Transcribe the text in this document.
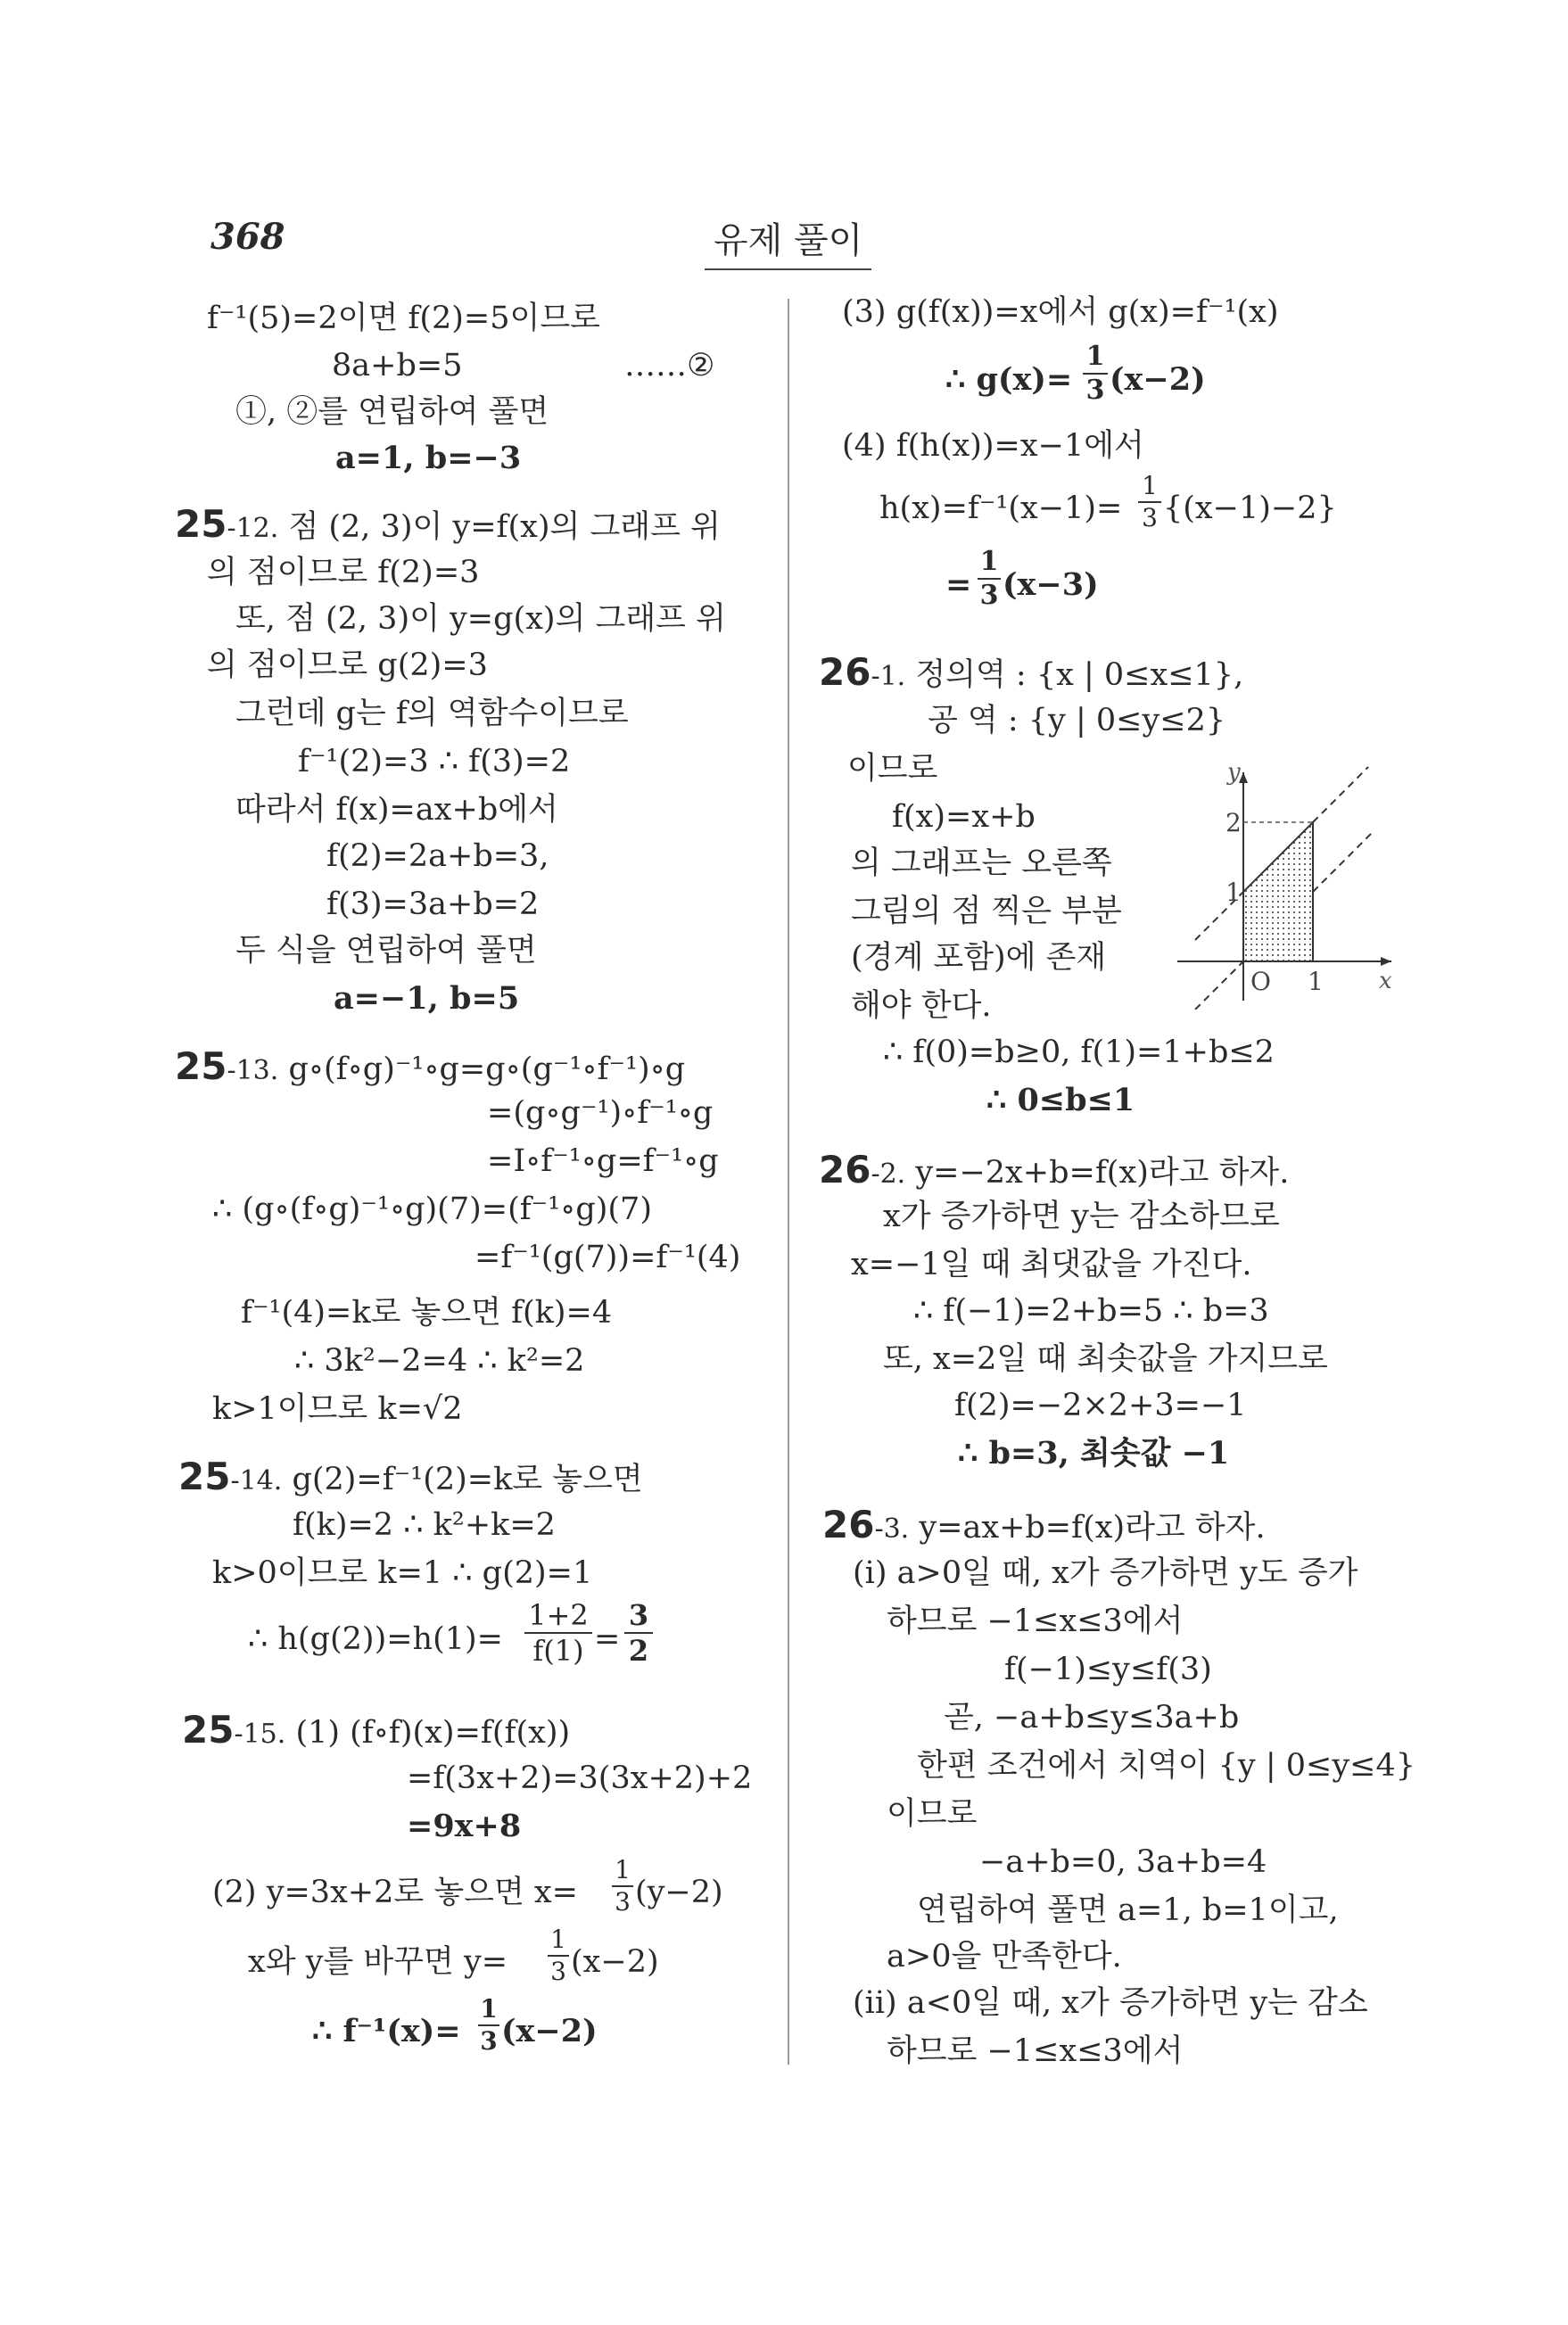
368	유제 풀이
f⁻¹(5)=2이면 f(2)=5이므로
8a+b=5	……②
①, ②를 연립하여 풀면
a=1, b=−3
25-12. 점 (2, 3)이 y=f(x)의 그래프 위
의 점이므로 f(2)=3
또, 점 (2, 3)이 y=g(x)의 그래프 위
의 점이므로 g(2)=3
그런데 g는 f의 역함수이므로
f⁻¹(2)=3 ∴ f(3)=2
따라서 f(x)=ax+b에서
f(2)=2a+b=3,
f(3)=3a+b=2
두 식을 연립하여 풀면
a=−1, b=5
25-13. g∘(f∘g)⁻¹∘g=g∘(g⁻¹∘f⁻¹)∘g
=(g∘g⁻¹)∘f⁻¹∘g
=I∘f⁻¹∘g=f⁻¹∘g
∴ (g∘(f∘g)⁻¹∘g)(7)=(f⁻¹∘g)(7)
=f⁻¹(g(7))=f⁻¹(4)
f⁻¹(4)=k로 놓으면 f(k)=4
∴ 3k²−2=4 ∴ k²=2
k>1이므로 k=√2
25-14. g(2)=f⁻¹(2)=k로 놓으면
f(k)=2 ∴ k²+k=2
k>0이므로 k=1 ∴ g(2)=1
∴ $h(g(2))=h(1)= \frac{1+2}{f(1)} = \frac{3}{2}$
25-15. (1) (f∘f)(x)=f(f(x))
=f(3x+2)=3(3x+2)+2
=9x+8
(2) y=3x+2로 놓으면 $x= \frac{1}{3} (y-2)$
x와 y를 바꾸면 $y= \frac{1}{3} (x-2)$
∴ $f^{-1}(x)= \frac{1}{3} (x-2)$
(3) g(f(x))=x에서 g(x)=f⁻¹(x)
∴ $g(x)= \frac{1}{3} (x-2)$
(4) f(h(x))=x−1에서
$h(x)=f^{-1}(x-1)= \frac{1}{3} \{(x-1)-2\}$
= $\frac{1}{3} (x-3)$
26-1. 정의역 : {x | 0≤x≤1},
공 역 : {y | 0≤y≤2}
이므로
f(x)=x+b
의 그래프는 오른쪽
그림의 점 찍은 부분
(경계 포함)에 존재
해야 한다.
∴ f(0)=b≥0, f(1)=1+b≤2
∴ 0≤b≤1
y
x
O
1
2
1
26-2. y=−2x+b=f(x)라고 하자.
x가 증가하면 y는 감소하므로
x=−1일 때 최댓값을 가진다.
∴ f(−1)=2+b=5 ∴ b=3
또, x=2일 때 최솟값을 가지므로
f(2)=−2×2+3=−1
∴ b=3, 최솟값 −1
26-3. y=ax+b=f(x)라고 하자.
(i) a>0일 때, x가 증가하면 y도 증가
하므로 −1≤x≤3에서
f(−1)≤y≤f(3)
곧, −a+b≤y≤3a+b
한편 조건에서 치역이 {y | 0≤y≤4}
이므로
−a+b=0, 3a+b=4
연립하여 풀면 a=1, b=1이고,
a>0을 만족한다.
(ii) a<0일 때, x가 증가하면 y는 감소
하므로 −1≤x≤3에서
